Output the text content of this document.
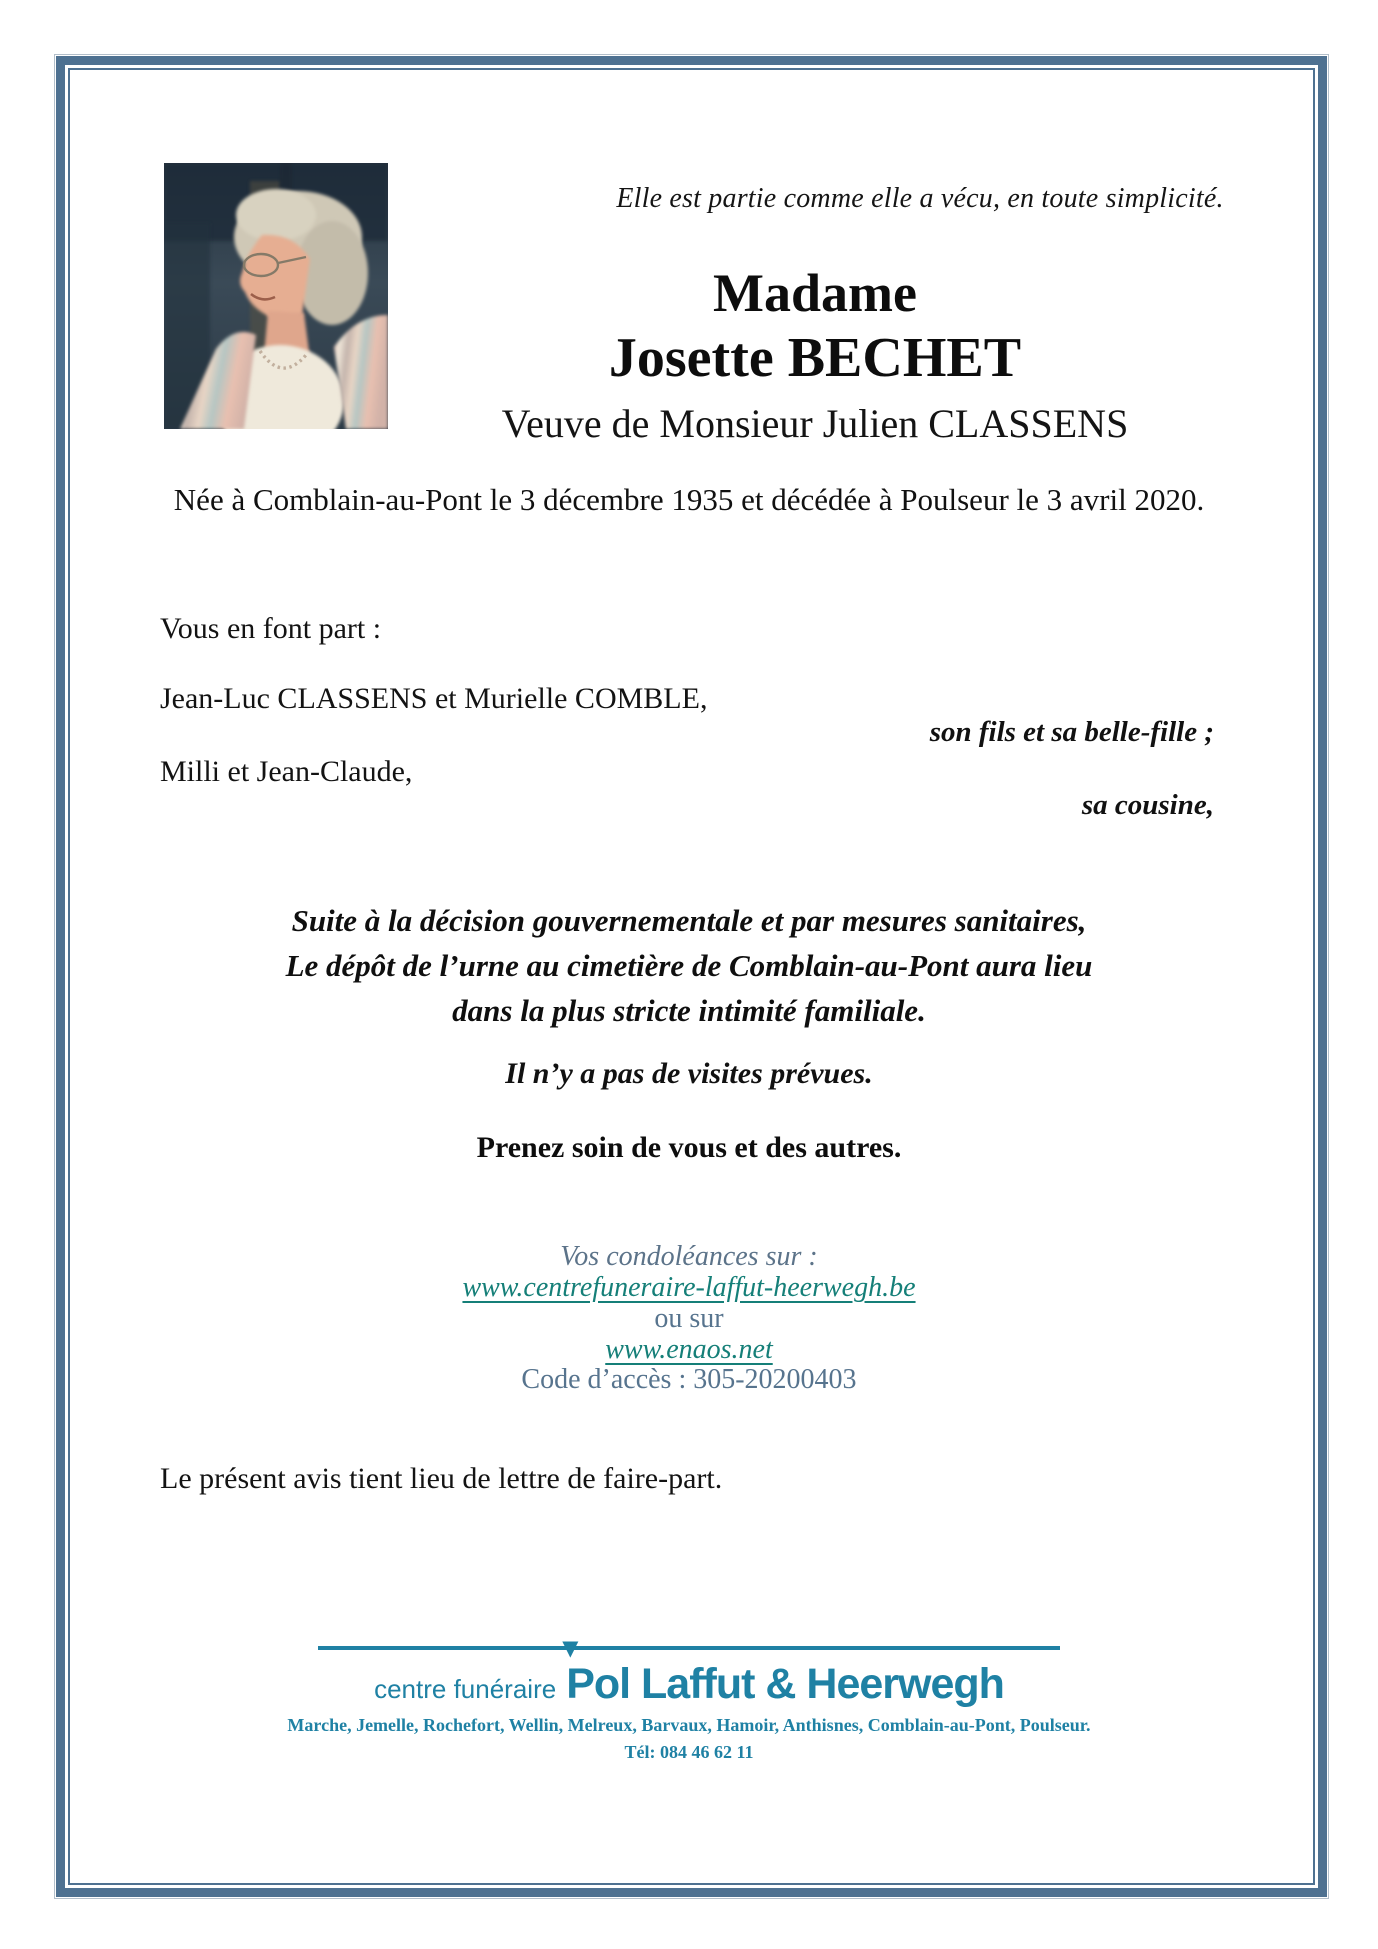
Elle est partie comme elle a vécu, en toute simplicité.
Madame
Josette BECHET
Veuve de Monsieur Julien CLASSENS
Née à Comblain-au-Pont le 3 décembre 1935 et décédée à Poulseur le 3 avril 2020.
Vous en font part :
Jean-Luc CLASSENS et Murielle COMBLE,
son fils et sa belle-fille ;
Milli et Jean-Claude,
sa cousine,
Suite à la décision gouvernementale et par mesures sanitaires,
Le dépôt de l’urne au cimetière de Comblain-au-Pont aura lieu
dans la plus stricte intimité familiale.
Il n’y a pas de visites prévues.
Prenez soin de vous et des autres.
Vos condoléances sur :
www.centrefuneraire-laffut-heerwegh.be
ou sur
www.enaos.net
Code d’accès : 305-20200403
Le présent avis tient lieu de lettre de faire-part.
centre funéraire
▼
Pol Laffut & Heerwegh
Marche, Jemelle, Rochefort, Wellin, Melreux, Barvaux, Hamoir, Anthisnes, Comblain-au-Pont, Poulseur.
Tél: 084 46 62 11
